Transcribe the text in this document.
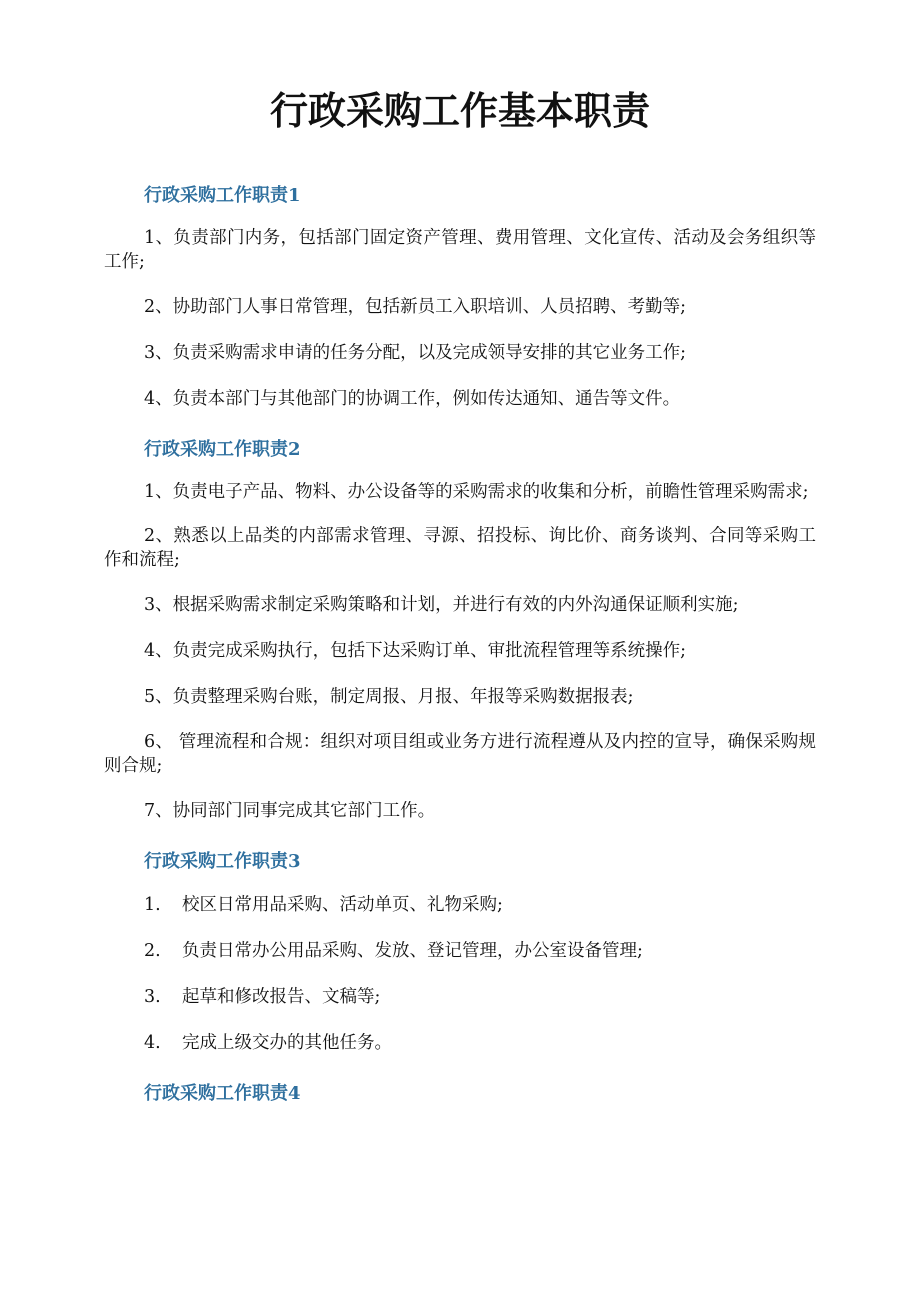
行政采购工作基本职责
行政采购工作职责1

1、负责部门内务，包括部门固定资产管理、费用管理、文化宣传、活动及会务组织等工作;

2、协助部门人事日常管理，包括新员工入职培训、人员招聘、考勤等;

3、负责采购需求申请的任务分配，以及完成领导安排的其它业务工作;

4、负责本部门与其他部门的协调工作，例如传达通知、通告等文件。

行政采购工作职责2

1、负责电子产品、物料、办公设备等的采购需求的收集和分析，前瞻性管理采购需求;

2、熟悉以上品类的内部需求管理、寻源、招投标、询比价、商务谈判、合同等采购工作和流程;

3、根据采购需求制定采购策略和计划，并进行有效的内外沟通保证顺利实施;

4、负责完成采购执行，包括下达采购订单、审批流程管理等系统操作;

5、负责整理采购台账，制定周报、月报、年报等采购数据报表;

6、 管理流程和合规：组织对项目组或业务方进行流程遵从及内控的宣导，确保采购规则合规;

7、协同部门同事完成其它部门工作。

行政采购工作职责3
1.	校区日常用品采购、活动单页、礼物采购;
2.	负责日常办公用品采购、发放、登记管理，办公室设备管理;
3.	起草和修改报告、文稿等;
4.	完成上级交办的其他任务。
行政采购工作职责4
